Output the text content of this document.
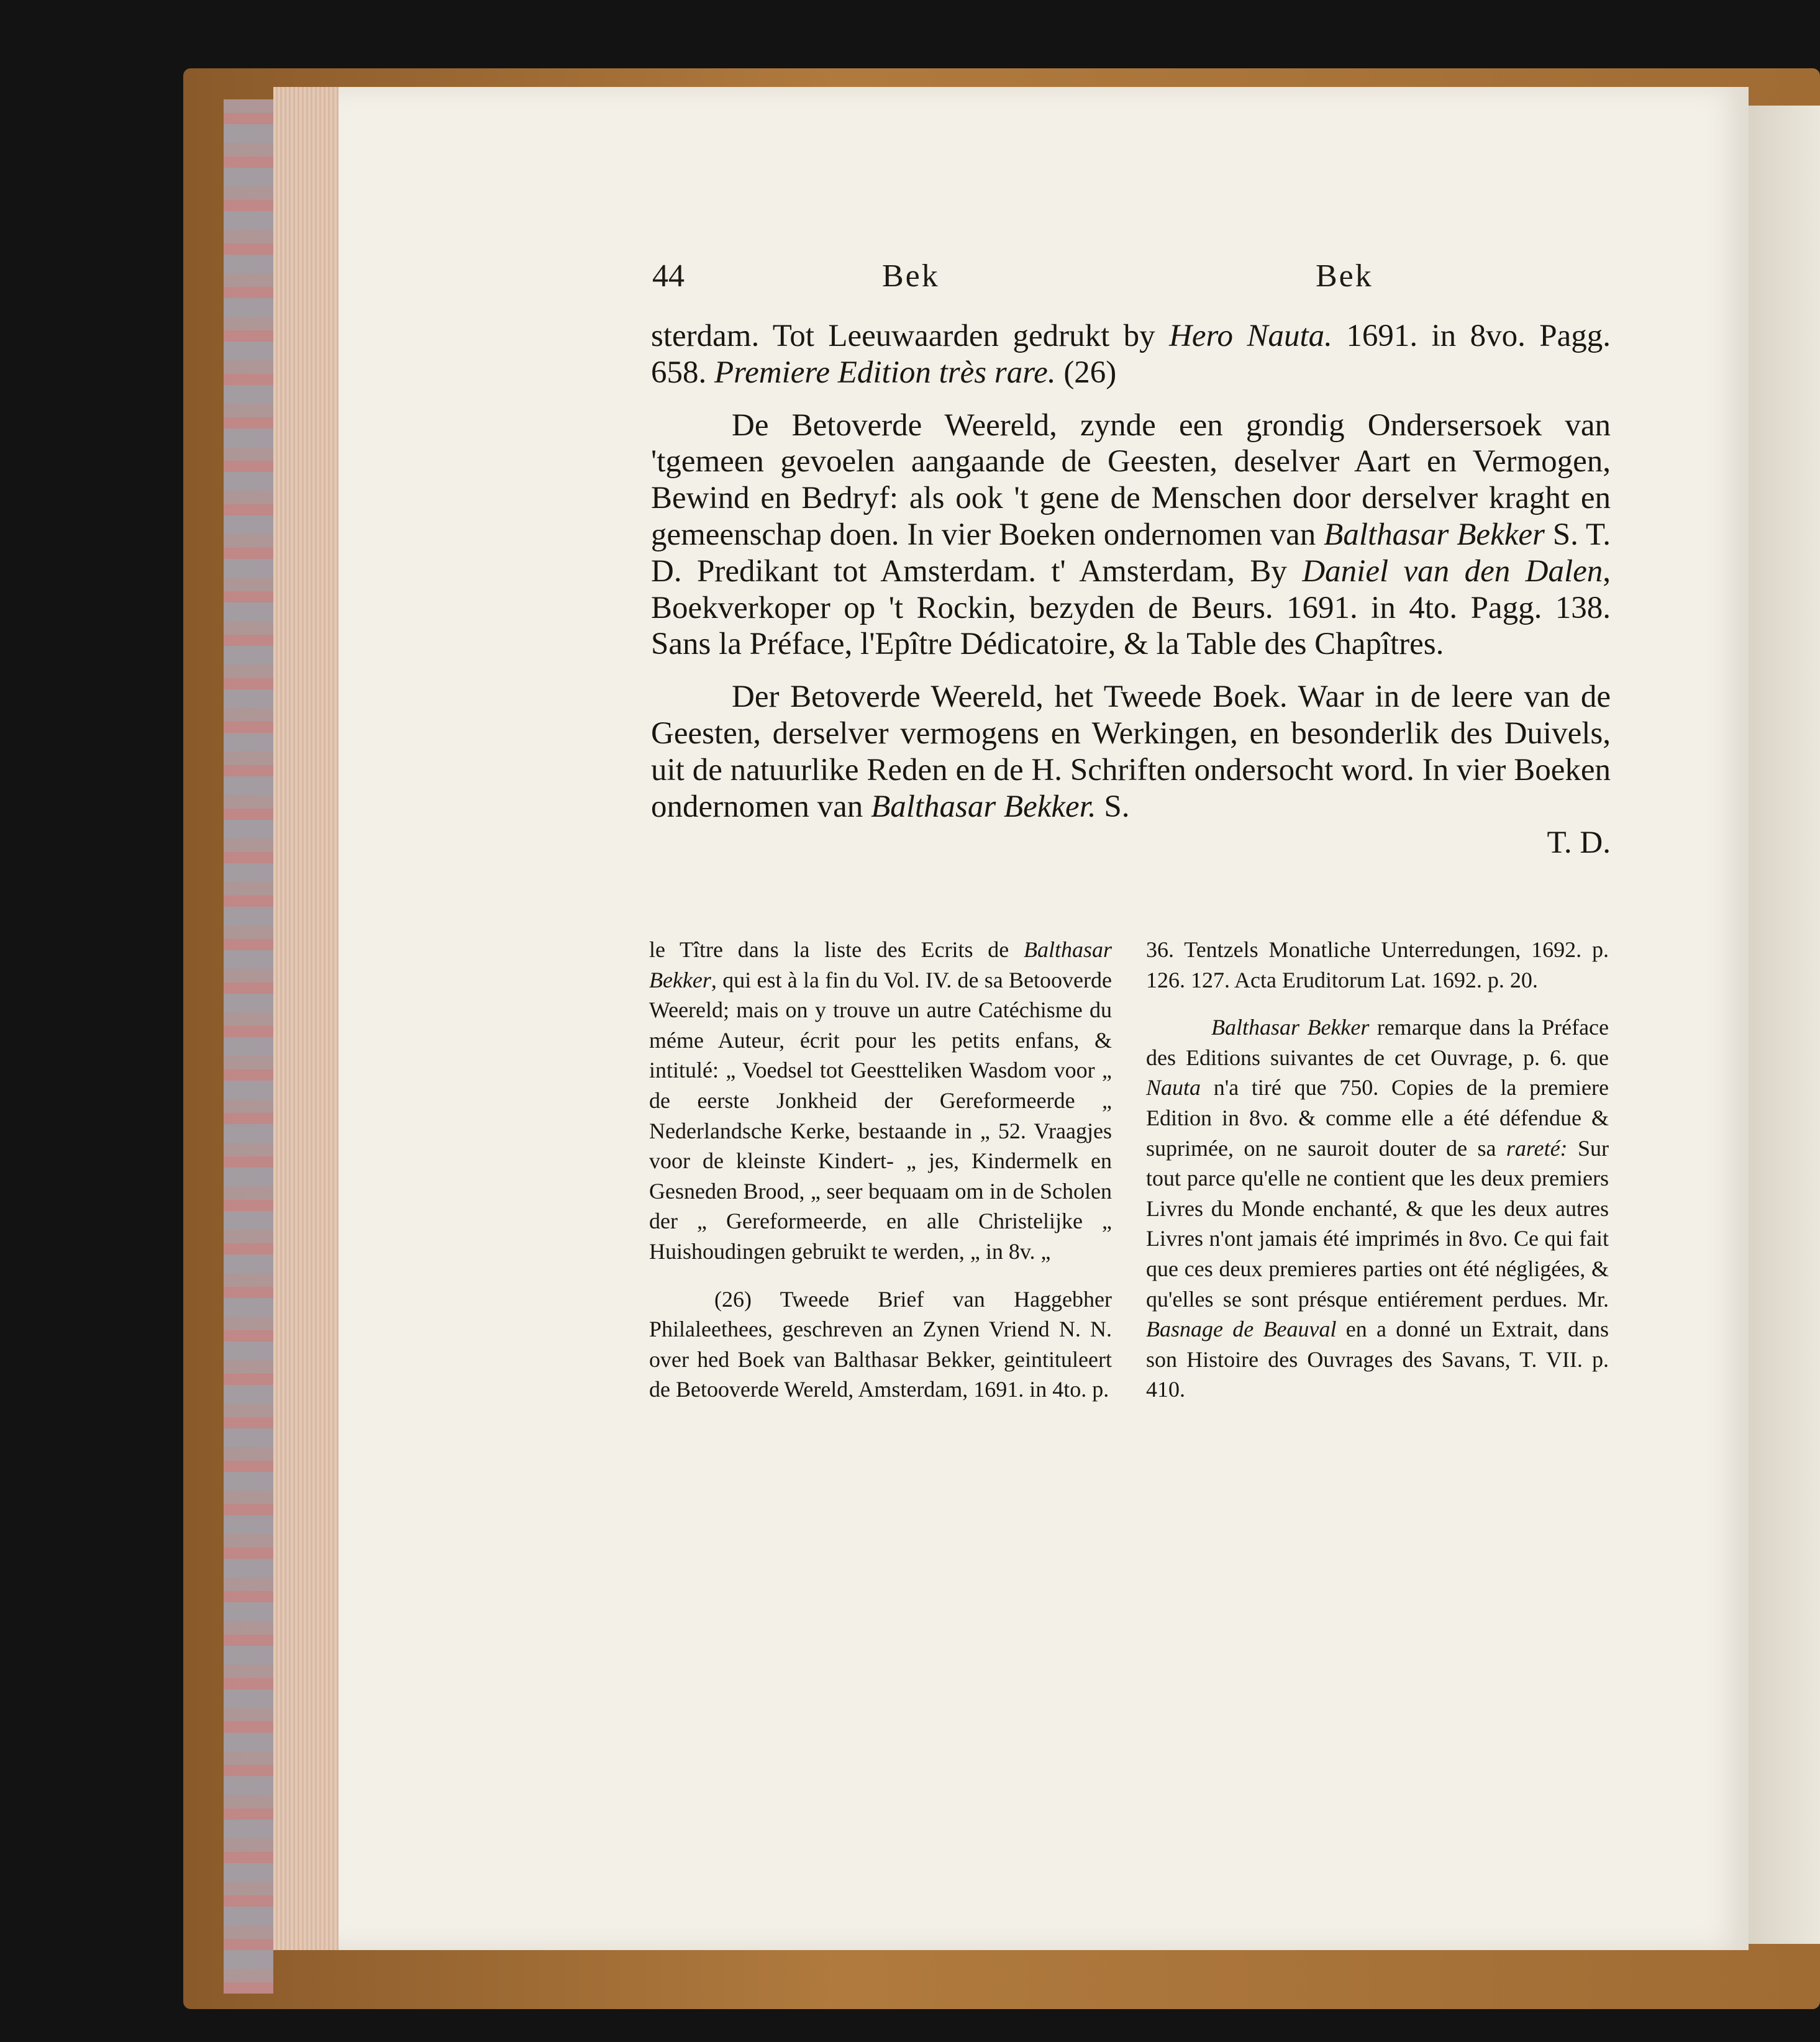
44	Bek	Bek

sterdam. Tot Leeuwaarden gedrukt by Hero Nauta. 1691. in 8vo. Pagg. 658. Premiere Edition très rare. (26)

De Betoverde Weereld, zynde een grondig Ondersersoek van 'tgemeen gevoelen aangaande de Geesten, deselver Aart en Vermogen, Bewind en Bedryf: als ook 't gene de Menschen door derselver kraght en gemeenschap doen. In vier Boeken ondernomen van Balthasar Bekker S. T. D. Predikant tot Amsterdam. t' Amsterdam, By Daniel van den Dalen, Boekverkoper op 't Rockin, bezyden de Beurs. 1691. in 4to. Pagg. 138. Sans la Préface, l'Epître Dédicatoire, & la Table des Chapîtres.

Der Betoverde Weereld, het Tweede Boek. Waar in de leere van de Geesten, derselver vermogens en Werkingen, en besonderlik des Duivels, uit de natuurlike Reden en de H. Schriften ondersocht word. In vier Boeken ondernomen van Balthasar Bekker. S.

T. D.

le Tître dans la liste des Ecrits de Balthasar Bekker, qui est à la fin du Vol. IV. de sa Betooverde Weereld; mais on y trouve un autre Catéchisme du méme Auteur, écrit pour les petits enfans, & intitulé: „ Voedsel tot Geestteliken Wasdom voor „ de eerste Jonkheid der Gereformeerde „ Nederlandsche Kerke, bestaande in „ 52. Vraagjes voor de kleinste Kindert- „ jes, Kindermelk en Gesneden Brood, „ seer bequaam om in de Scholen der „ Gereformeerde, en alle Christelijke „ Huishoudingen gebruikt te werden, „ in 8v. „

(26) Tweede Brief van Haggebher Philaleethees, geschreven an Zynen Vriend N. N. over hed Boek van Balthasar Bekker, geintituleert de Betooverde Wereld, Amsterdam, 1691. in 4to. p.

36. Tentzels Monatliche Unterredungen, 1692. p. 126. 127. Acta Eruditorum Lat. 1692. p. 20.

Balthasar Bekker remarque dans la Préface des Editions suivantes de cet Ouvrage, p. 6. que Nauta n'a tiré que 750. Copies de la premiere Edition in 8vo. & comme elle a été défendue & suprimée, on ne sauroit douter de sa rareté: Sur tout parce qu'elle ne contient que les deux premiers Livres du Monde enchanté, & que les deux autres Livres n'ont jamais été imprimés in 8vo. Ce qui fait que ces deux premieres parties ont été négligées, & qu'elles se sont présque entiérement perdues. Mr. Basnage de Beauval en a donné un Extrait, dans son Histoire des Ouvrages des Savans, T. VII. p. 410.
